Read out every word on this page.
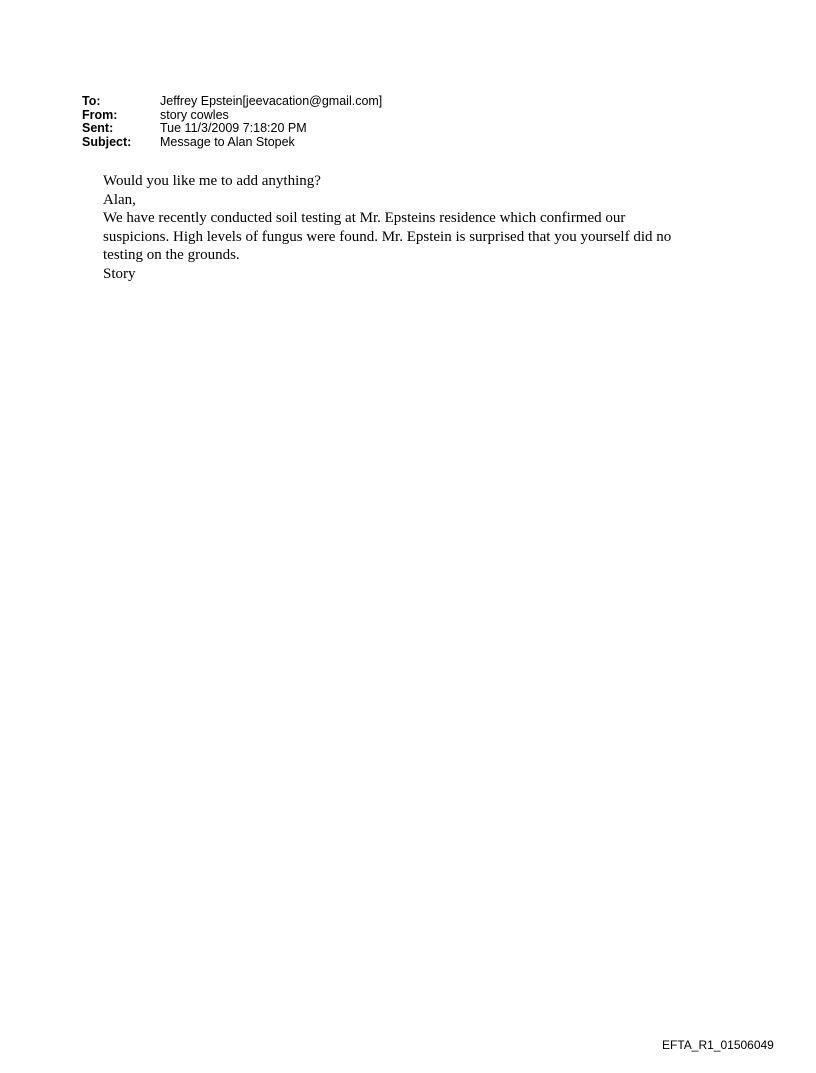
To:	Jeffrey Epstein[jeevacation@gmail.com]
From:	story cowles
Sent:	Tue 11/3/2009 7:18:20 PM
Subject:	Message to Alan Stopek
Would you like me to add anything?
Alan,
We have recently conducted soil testing at Mr. Epsteins residence which confirmed our
suspicions. High levels of fungus were found. Mr. Epstein is surprised that you yourself did no
testing on the grounds.
Story
EFTA_R1_01506049
